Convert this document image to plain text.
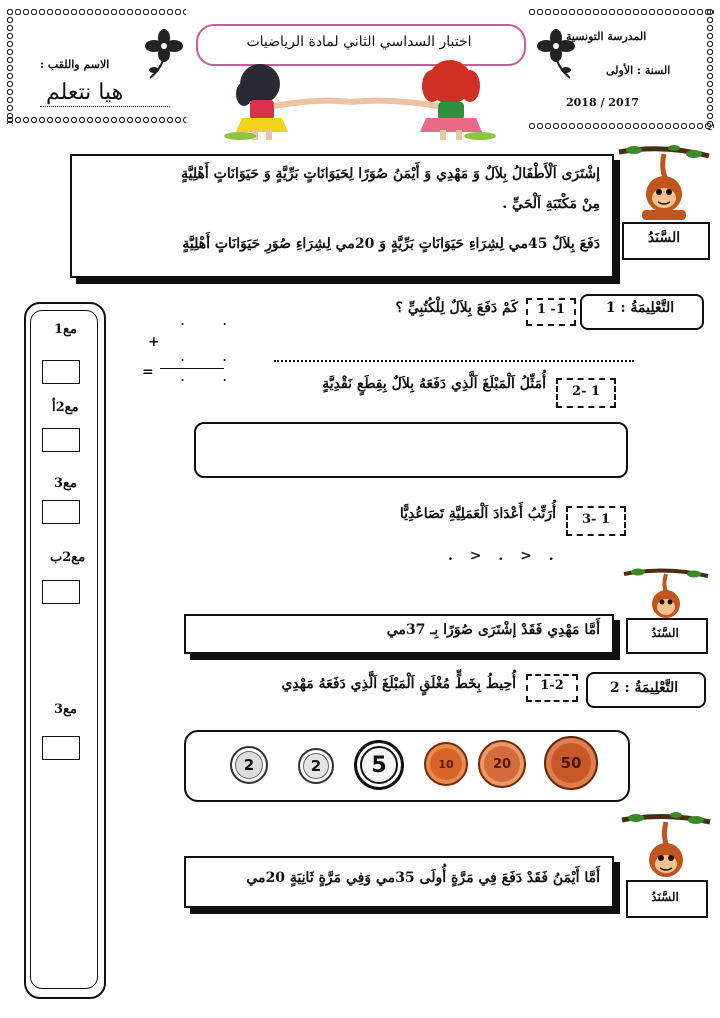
الاسم واللقب :
هيا نتعلم
اختبار السداسي الثاني لمادة الرياضيات	المدرسة التونسية
السنة : الأولى
2018 / 2017
إشْتَرَى اَلْأَطْفَالُ بِلاَلٌ وَ مَهْدِي وَ أَيْمَنُ صُوَرًا لِحَيَوَانَاتٍ بَرِّيَّةٍ وَ حَيَوَانَاتٍ أَهْلِيَّةٍ
مِنْ مَكْتَبَةِ اَلْحَيِّ .
دَفَعَ بِلاَلٌ 45مي لِشِرَاءِ حَيَوَانَاتٍ بَرِّيَّةٍ وَ 20مي لِشِرَاءِ صُوَرِ حَيَوَانَاتٍ أَهْلِيَّةٍ	السَّنَدُ
مع1
مع2أ
مع3
مع2ب
مع3
التَّعْلِيمَةُ : 1
1 -1
كَمْ دَفَعَ بِلاَلٌ لِلْكُتُبِيِّ ؟
. .
+
. .
= . .
2- 1
أُمَثِّلُ اَلْمَبْلَغَ اَلَّذِي دَفَعَهُ بِلاَلٌ بِقِطَعٍ نَقْدِيَّةٍ
3- 1
أُرَتِّبُ أَعْدَادَ اَلْعَمَلِيَّةِ تَصَاعُدِيًّا
. > . > .
السَّنَدُ
أَمَّا مَهْدِي فَقَدْ إشْتَرَى صُوَرًا بِـ 37مي
التَّعْلِيمَةُ : 2
1-2
أُحِيطُ بِخَطٍّ مُغْلَقٍ اَلْمَبْلَغَ اَلَّذِي دَفَعَهُ مَهْدِي
2	2 5	10	20	50
السَّنَدُ
أَمَّا أَيْمَنُ فَقَدْ دَفَعَ فِي مَرَّةٍ أُولَى 35مي وَفِي مَرَّةٍ ثَانِيَةٍ 20مي
